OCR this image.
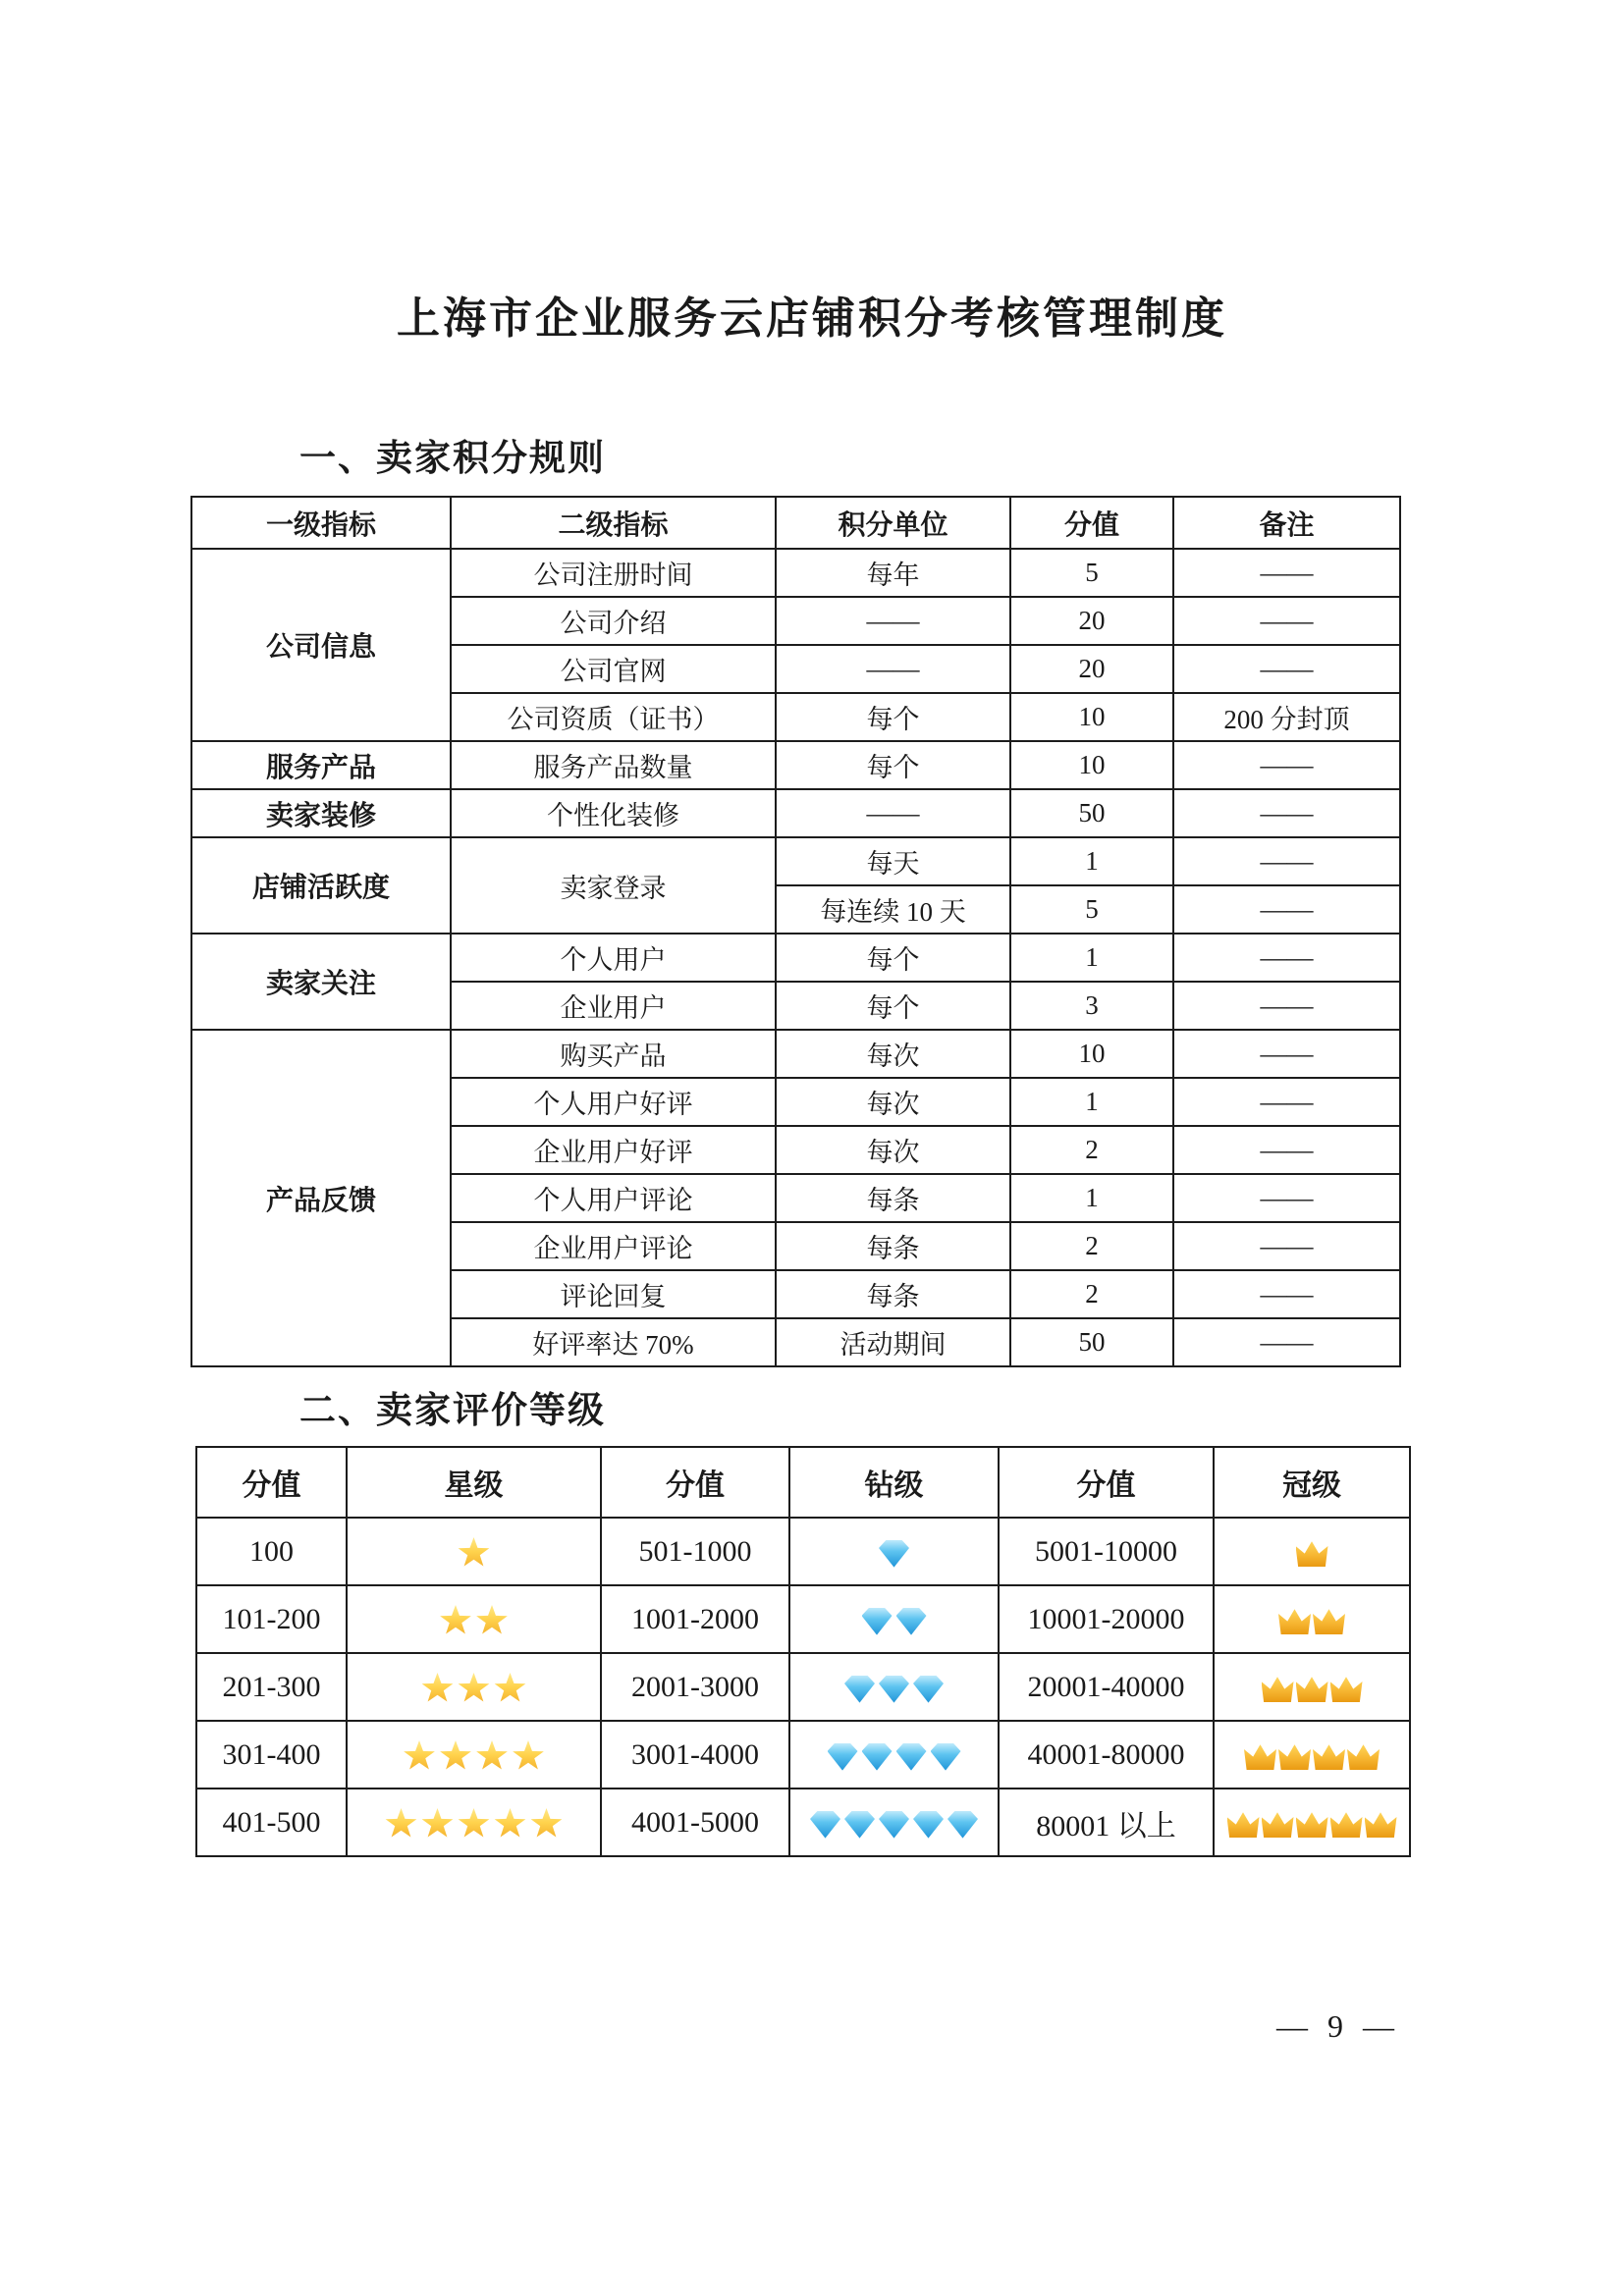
上海市企业服务云店铺积分考核管理制度
一、卖家积分规则
一级指标	二级指标	积分单位	分值	备注
公司信息	公司注册时间	每年	5	——
	公司介绍	——	20	——
	公司官网	——	20	——
	公司资质（证书）	每个	10	200 分封顶
服务产品	服务产品数量	每个	10	——
卖家装修	个性化装修	——	50	——
店铺活跃度	卖家登录	每天	1	——
		每连续 10 天	5	——
卖家关注	个人用户	每个	1	——
	企业用户	每个	3	——
产品反馈	购买产品	每次	10	——
	个人用户好评	每次	1	——
	企业用户好评	每次	2	——
	个人用户评论	每条	1	——
	企业用户评论	每条	2	——
	评论回复	每条	2	——
	好评率达 70%	活动期间	50	——
二、卖家评价等级
分值	星级	分值	钻级	分值	冠级
100		501-1000		5001-10000	
101-200		1001-2000		10001-20000	
201-300		2001-3000		20001-40000	
301-400		3001-4000		40001-80000	
401-500		4001-5000		80001 以上	
— 9 —
